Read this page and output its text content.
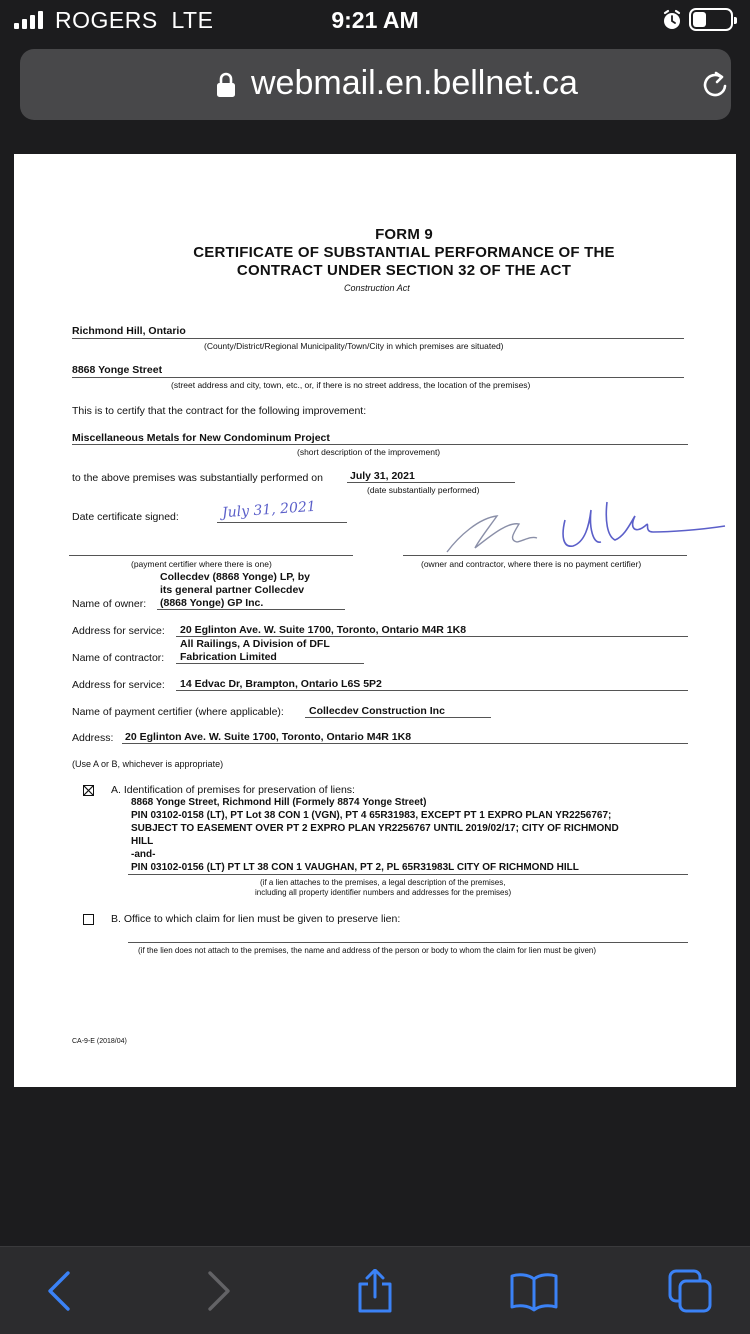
ROGERS LTE	9:21 AM
webmail.en.bellnet.ca
FORM 9
CERTIFICATE OF SUBSTANTIAL PERFORMANCE OF THE
CONTRACT UNDER SECTION 32 OF THE ACT
Construction Act
Richmond Hill, Ontario
(County/District/Regional Municipality/Town/City in which premises are situated)
8868 Yonge Street
(street address and city, town, etc., or, if there is no street address, the location of the premises)
This is to certify that the contract for the following improvement:
Miscellaneous Metals for New Condominum Project
(short description of the improvement)
to the above premises was substantially performed on	July 31, 2021
(date substantially performed)
Date certificate signed:	July 31, 2021
(payment certifier where there is one)	(owner and contractor, where there is no payment certifier)
Collecdev (8868 Yonge) LP, by
its general partner Collecdev
Name of owner: (8868 Yonge) GP Inc.
Address for service: 20 Eglinton Ave. W. Suite 1700, Toronto, Ontario M4R 1K8
All Railings, A Division of DFL
Name of contractor: Fabrication Limited
Address for service: 14 Edvac Dr, Brampton, Ontario L6S 5P2
Name of payment certifier (where applicable): Collecdev Construction Inc
Address: 20 Eglinton Ave. W. Suite 1700, Toronto, Ontario M4R 1K8
(Use A or B, whichever is appropriate)
A. Identification of premises for preservation of liens:
8868 Yonge Street, Richmond Hill (Formely 8874 Yonge Street)
PIN 03102-0158 (LT), PT Lot 38 CON 1 (VGN), PT 4 65R31983, EXCEPT PT 1 EXPRO PLAN YR2256767;
SUBJECT TO EASEMENT OVER PT 2 EXPRO PLAN YR2256767 UNTIL 2019/02/17; CITY OF RICHMOND
HILL
-and-
PIN 03102-0156 (LT) PT LT 38 CON 1 VAUGHAN, PT 2, PL 65R31983L CITY OF RICHMOND HILL
(if a lien attaches to the premises, a legal description of the premises,
including all property identifier numbers and addresses for the premises)
B. Office to which claim for lien must be given to preserve lien:
(if the lien does not attach to the premises, the name and address of the person or body to whom the claim for lien must be given)
CA-9-E (2018/04)
